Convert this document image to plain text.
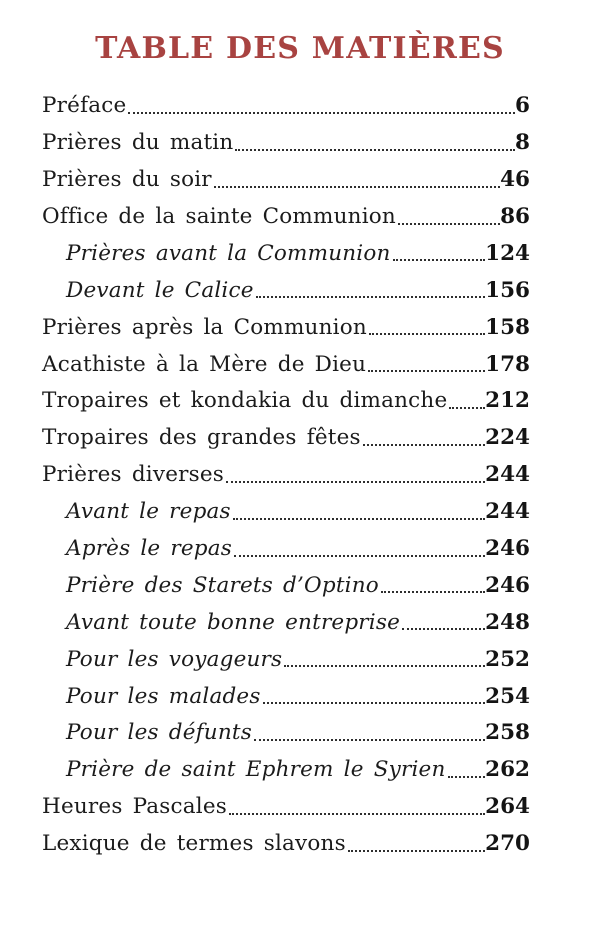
TABLE DES MATIÈRES
Préface	6
Prières du matin	8
Prières du soir	46
Office de la sainte Communion	86
Prières avant la Communion	124
Devant le Calice	156
Prières après la Communion	158
Acathiste à la Mère de Dieu	178
Tropaires et kondakia du dimanche 212
Tropaires des grandes fêtes	224
Prières diverses	244
Avant le repas	244
Après le repas	246
Prière des Starets d’Optino	246
Avant toute bonne entreprise	248
Pour les voyageurs	252
Pour les malades	254
Pour les défunts	258
Prière de saint Ephrem le Syrien 262
Heures Pascales	264
Lexique de termes slavons	270
